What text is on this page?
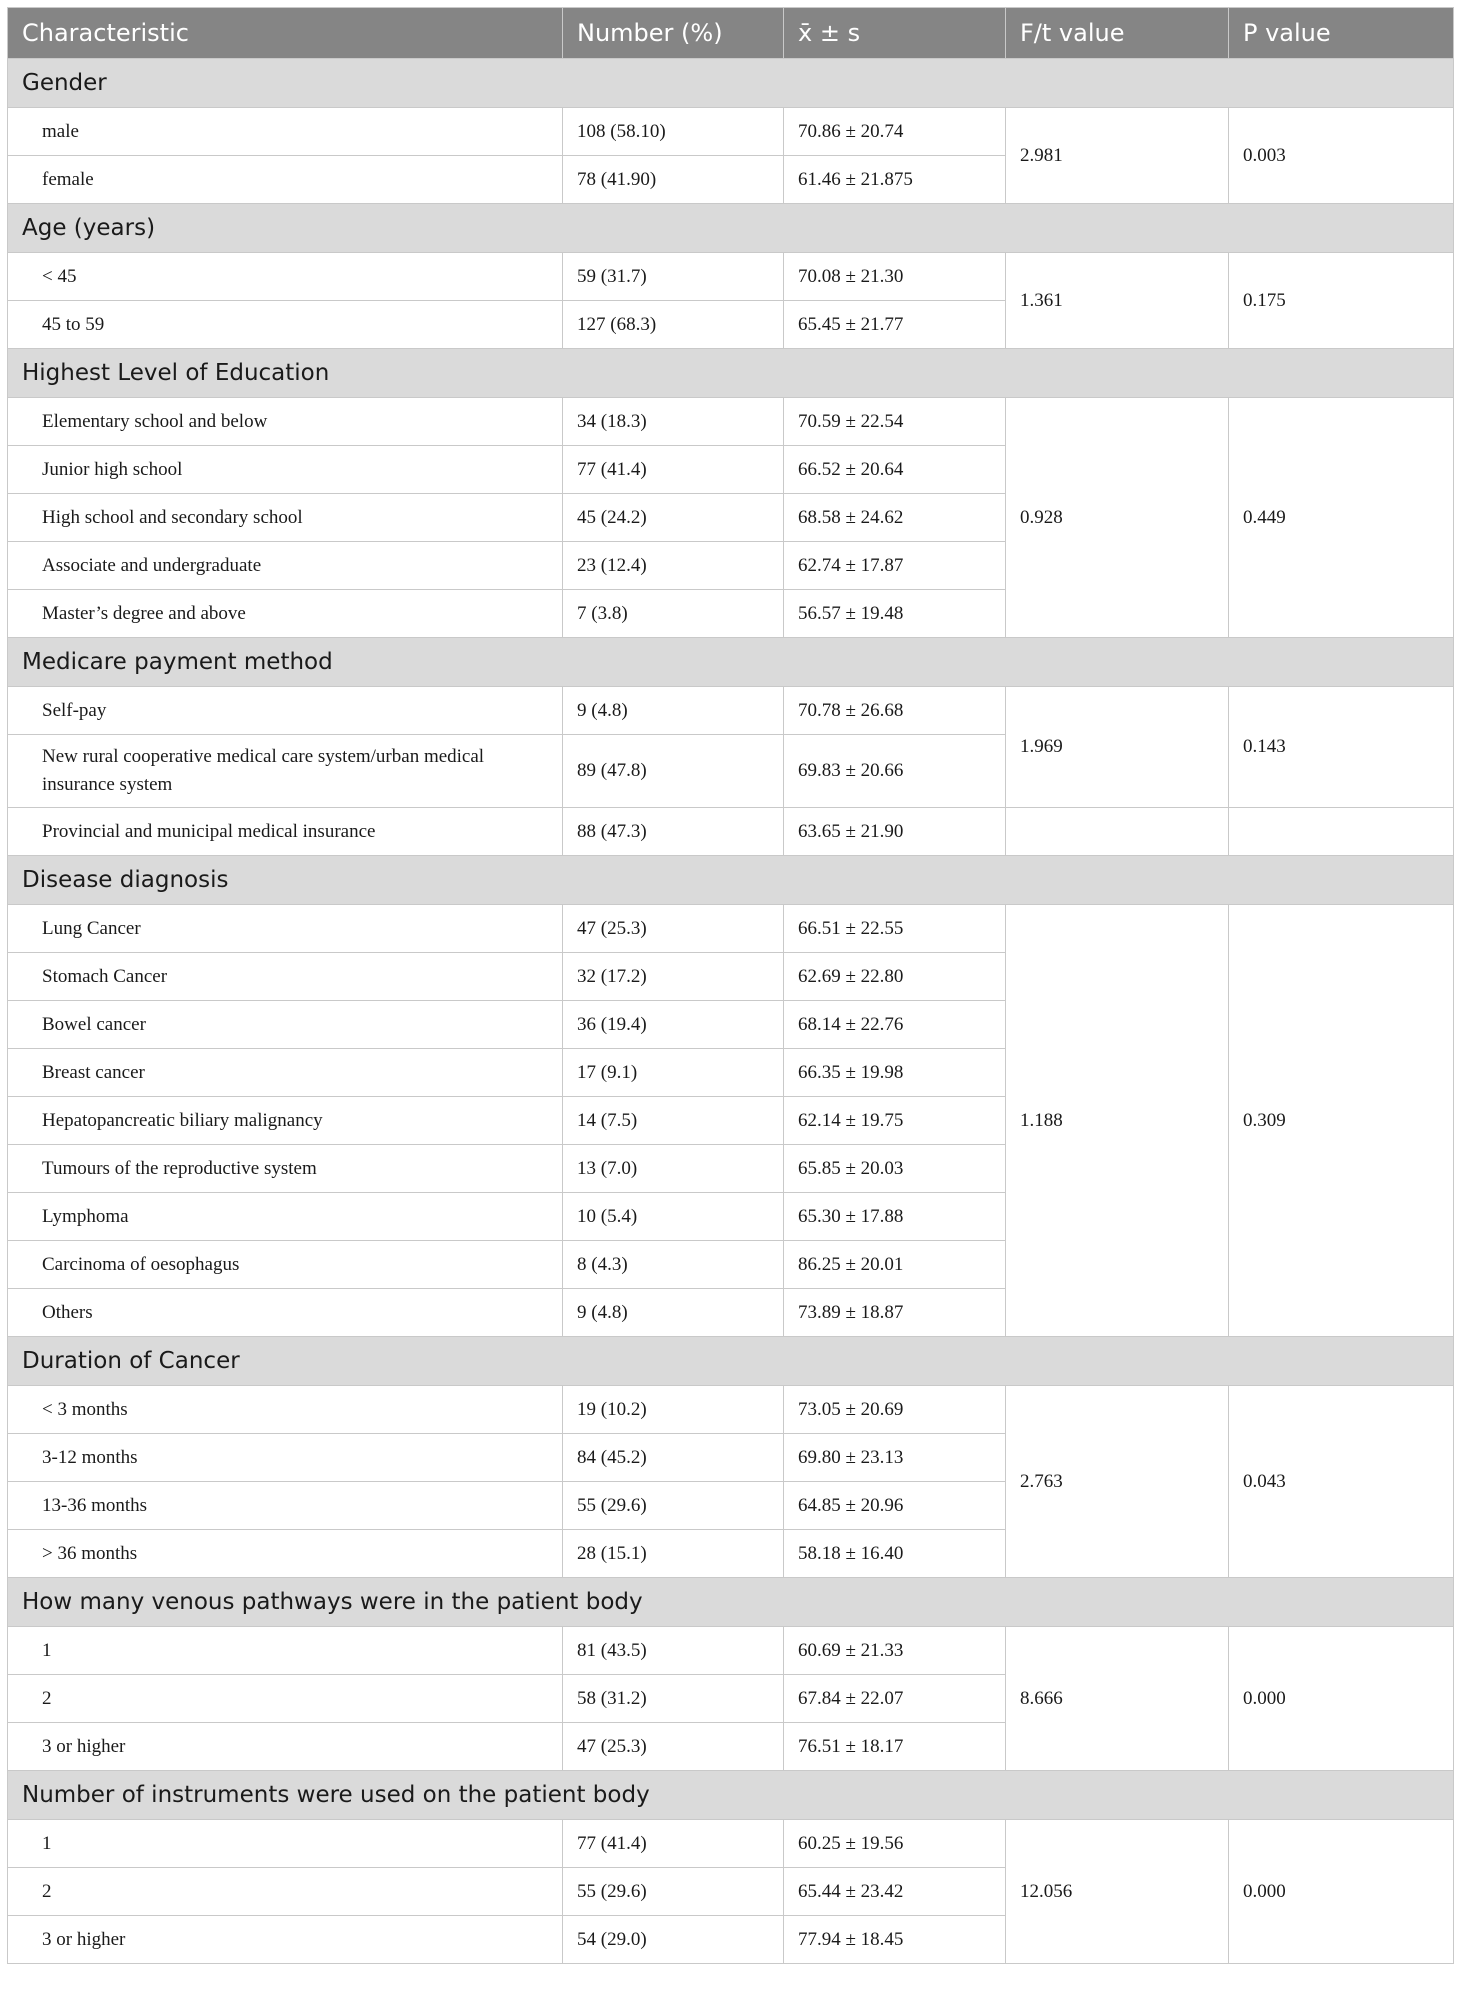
Characteristic	Number (%)	x̄ ± s	F/t value	P value
Gender				
male	108 (58.10)	70.86 ± 20.74	2.981	0.003
female	78 (41.90)	61.46 ± 21.875		
Age (years)				
< 45	59 (31.7)	70.08 ± 21.30	1.361	0.175
45 to 59	127 (68.3)	65.45 ± 21.77		
Highest Level of Education				
Elementary school and below	34 (18.3)	70.59 ± 22.54	0.928	0.449
Junior high school	77 (41.4)	66.52 ± 20.64		
High school and secondary school	45 (24.2)	68.58 ± 24.62		
Associate and undergraduate	23 (12.4)	62.74 ± 17.87		
Master’s degree and above	7 (3.8)	56.57 ± 19.48		
Medicare payment method				
Self-pay	9 (4.8)	70.78 ± 26.68	1.969	0.143
New rural cooperative medical care system/urban medical insurance system	89 (47.8)	69.83 ± 20.66		
Provincial and municipal medical insurance	88 (47.3)	63.65 ± 21.90		
Disease diagnosis				
Lung Cancer	47 (25.3)	66.51 ± 22.55	1.188	0.309
Stomach Cancer	32 (17.2)	62.69 ± 22.80		
Bowel cancer	36 (19.4)	68.14 ± 22.76		
Breast cancer	17 (9.1)	66.35 ± 19.98		
Hepatopancreatic biliary malignancy	14 (7.5)	62.14 ± 19.75		
Tumours of the reproductive system	13 (7.0)	65.85 ± 20.03		
Lymphoma	10 (5.4)	65.30 ± 17.88		
Carcinoma of oesophagus	8 (4.3)	86.25 ± 20.01		
Others	9 (4.8)	73.89 ± 18.87		
Duration of Cancer				
< 3 months	19 (10.2)	73.05 ± 20.69	2.763	0.043
3-12 months	84 (45.2)	69.80 ± 23.13		
13-36 months	55 (29.6)	64.85 ± 20.96		
> 36 months	28 (15.1)	58.18 ± 16.40		
How many venous pathways were in the patient body				
1	81 (43.5)	60.69 ± 21.33	8.666	0.000
2	58 (31.2)	67.84 ± 22.07		
3 or higher	47 (25.3)	76.51 ± 18.17		
Number of instruments were used on the patient body				
1	77 (41.4)	60.25 ± 19.56	12.056	0.000
2	55 (29.6)	65.44 ± 23.42		
3 or higher	54 (29.0)	77.94 ± 18.45		
